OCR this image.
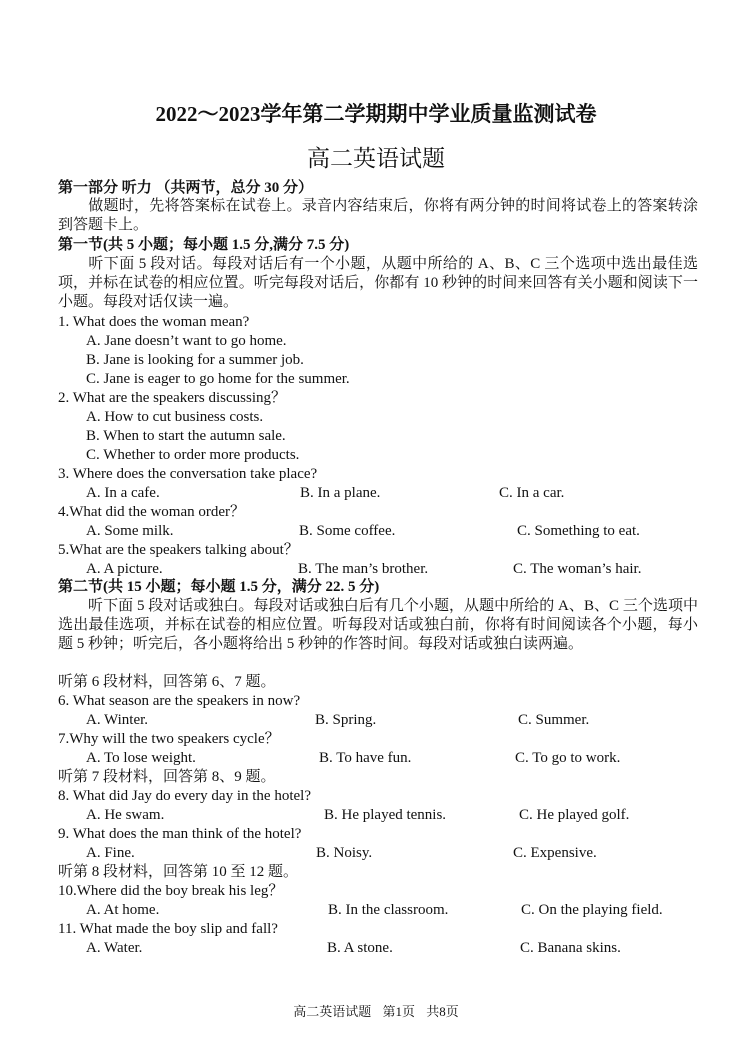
2022～2023学年第二学期期中学业质量监测试卷
高二英语试题
第一部分 听力 （共两节，总分 30 分）
做题时，先将答案标在试卷上。录音内容结束后，你将有两分钟的时间将试卷上的答案转涂到答题卡上。
第一节(共 5 小题；每小题 1.5 分,满分 7.5 分)
听下面 5 段对话。每段对话后有一个小题，从题中所给的 A、B、C 三个选项中选出最佳选项，并标在试卷的相应位置。听完每段对话后，你都有 10 秒钟的时间来回答有关小题和阅读下一小题。每段对话仅读一遍。
1. What does the woman mean?
A. Jane doesn’t want to go home.
B. Jane is looking for a summer job.
C. Jane is eager to go home for the summer.
2. What are the speakers discussing？
A. How to cut business costs.
B. When to start the autumn sale.
C. Whether to order more products.
3. Where does the conversation take place?
A. In a cafe.	B. In a plane.	C. In a car.
4.What did the woman order？
A. Some milk.	B. Some coffee.	C. Something to eat.
5.What are the speakers talking about？
A. A picture.	B. The man’s brother.	C. The woman’s hair.
第二节(共 15 小题；每小题 1.5 分，满分 22. 5 分)
听下面 5 段对话或独白。每段对话或独白后有几个小题，从题中所给的 A、B、C 三个选项中选出最佳选项，并标在试卷的相应位置。听每段对话或独白前，你将有时间阅读各个小题，每小题 5 秒钟；听完后，各小题将给出 5 秒钟的作答时间。每段对话或独白读两遍。
听第 6 段材料，回答第 6、7 题。
6. What season are the speakers in now?
A. Winter.	B. Spring.	C. Summer.
7.Why will the two speakers cycle？
A. To lose weight.	B. To have fun.	C. To go to work.
听第 7 段材料，回答第 8、9 题。
8. What did Jay do every day in the hotel?
A. He swam.	B. He played tennis.	C. He played golf.
9. What does the man think of the hotel?
A. Fine.	B. Noisy.	C. Expensive.
听第 8 段材料，回答第 10 至 12 题。
10.Where did the boy break his leg？
A. At home.	B. In the classroom.	C. On the playing field.
11. What made the boy slip and fall?
A. Water.	B. A stone.	C. Banana skins.
高二英语试题 第1页 共8页
